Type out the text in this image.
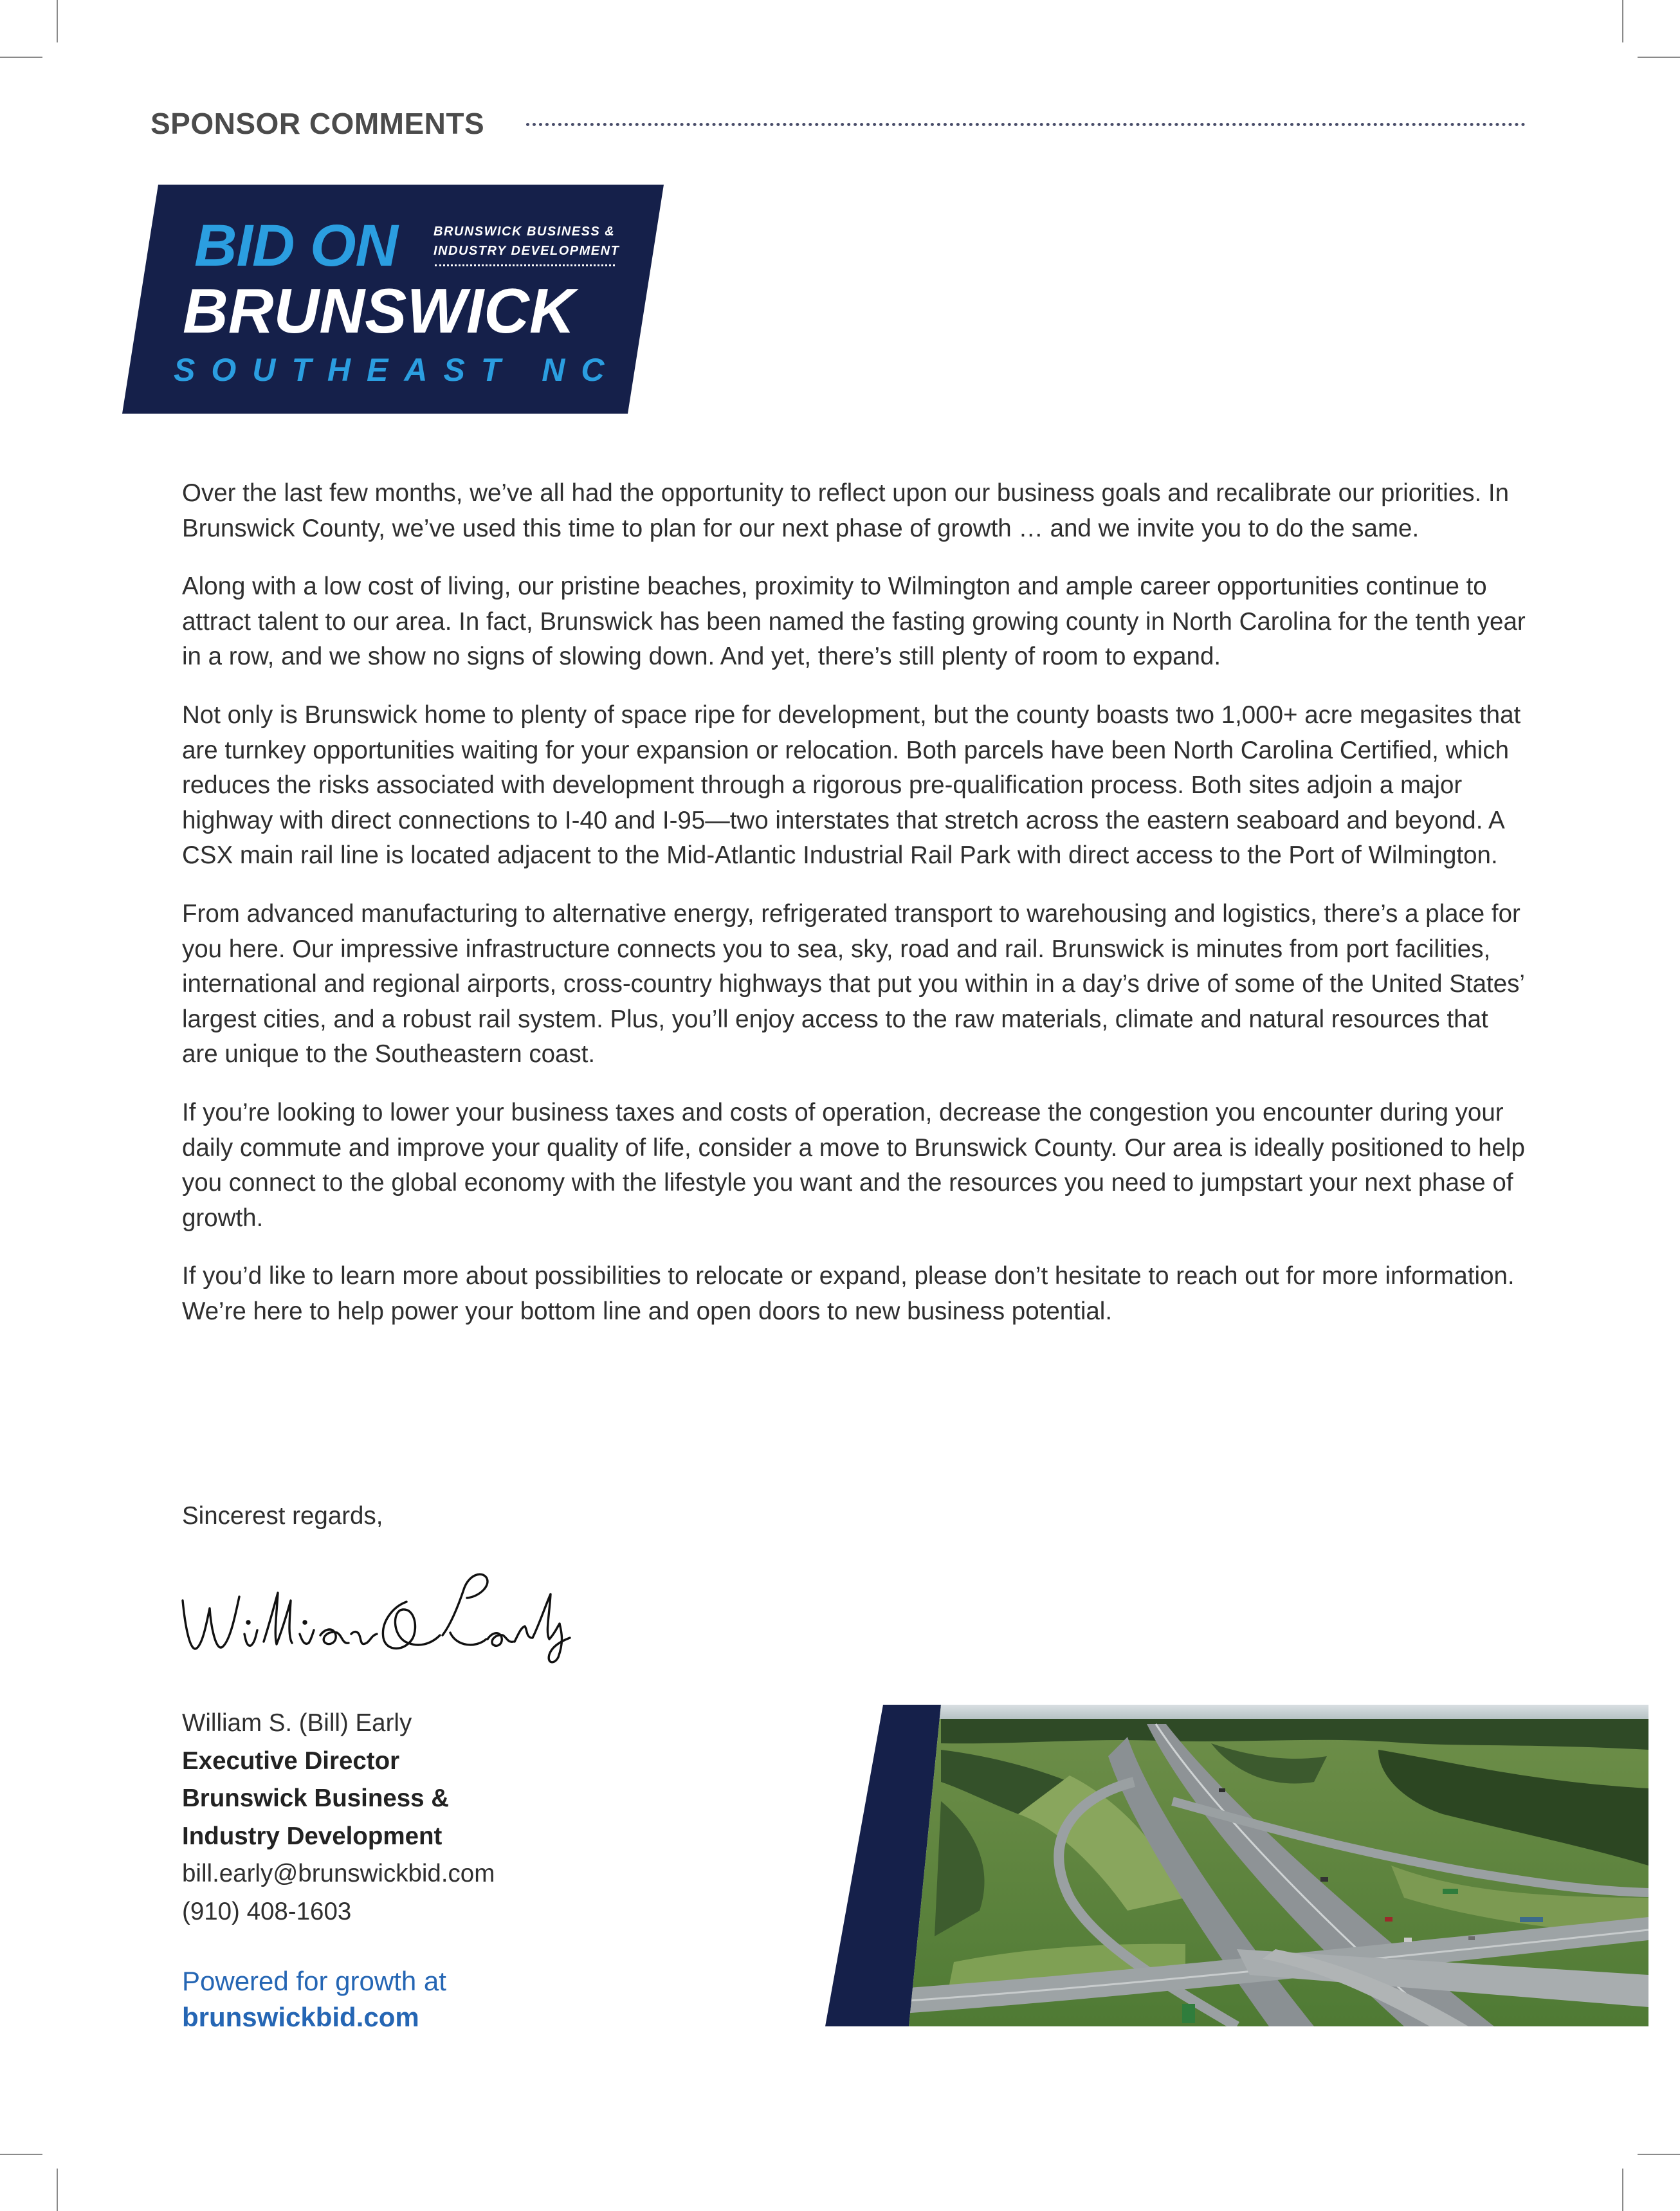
SPONSOR COMMENTS
BID ON	BRUNSWICK BUSINESS &
INDUSTRY DEVELOPMENT
BRUNSWICK
SOUTHEAST NC

Over the last few months, we’ve all had the opportunity to reflect upon our business goals and recalibrate our priorities. In Brunswick County, we’ve used this time to plan for our next phase of growth … and we invite you to do the same.

Along with a low cost of living, our pristine beaches, proximity to Wilmington and ample career opportunities continue to attract talent to our area. In fact, Brunswick has been named the fasting growing county in North Carolina for the tenth year in a row, and we show no signs of slowing down. And yet, there’s still plenty of room to expand.

Not only is Brunswick home to plenty of space ripe for development, but the county boasts two 1,000+ acre megasites that are turnkey opportunities waiting for your expansion or relocation. Both parcels have been North Carolina Certified, which reduces the risks associated with development through a rigorous pre-qualification process. Both sites adjoin a major highway with direct connections to I-40 and I-95—two interstates that stretch across the eastern seaboard and beyond. A CSX main rail line is located adjacent to the Mid-Atlantic Industrial Rail Park with direct access to the Port of Wilmington.

From advanced manufacturing to alternative energy, refrigerated transport to warehousing and logistics, there’s a place for you here. Our impressive infrastructure connects you to sea, sky, road and rail. Brunswick is minutes from port facilities, international and regional airports, cross-country highways that put you within in a day’s drive of some of the United States’ largest cities, and a robust rail system. Plus, you’ll enjoy access to the raw materials, climate and natural resources that are unique to the Southeastern coast.

If you’re looking to lower your business taxes and costs of operation, decrease the congestion you encounter during your daily commute and improve your quality of life, consider a move to Brunswick County. Our area is ideally positioned to help you connect to the global economy with the lifestyle you want and the resources you need to jumpstart your next phase of growth.

If you’d like to learn more about possibilities to relocate or expand, please don’t hesitate to reach out for more information. We’re here to help power your bottom line and open doors to new business potential.

Sincerest regards,
William S. (Bill) Early
Executive Director
Brunswick Business &
Industry Development
bill.early@brunswickbid.com
(910) 408-1603
Powered for growth at
brunswickbid.com
